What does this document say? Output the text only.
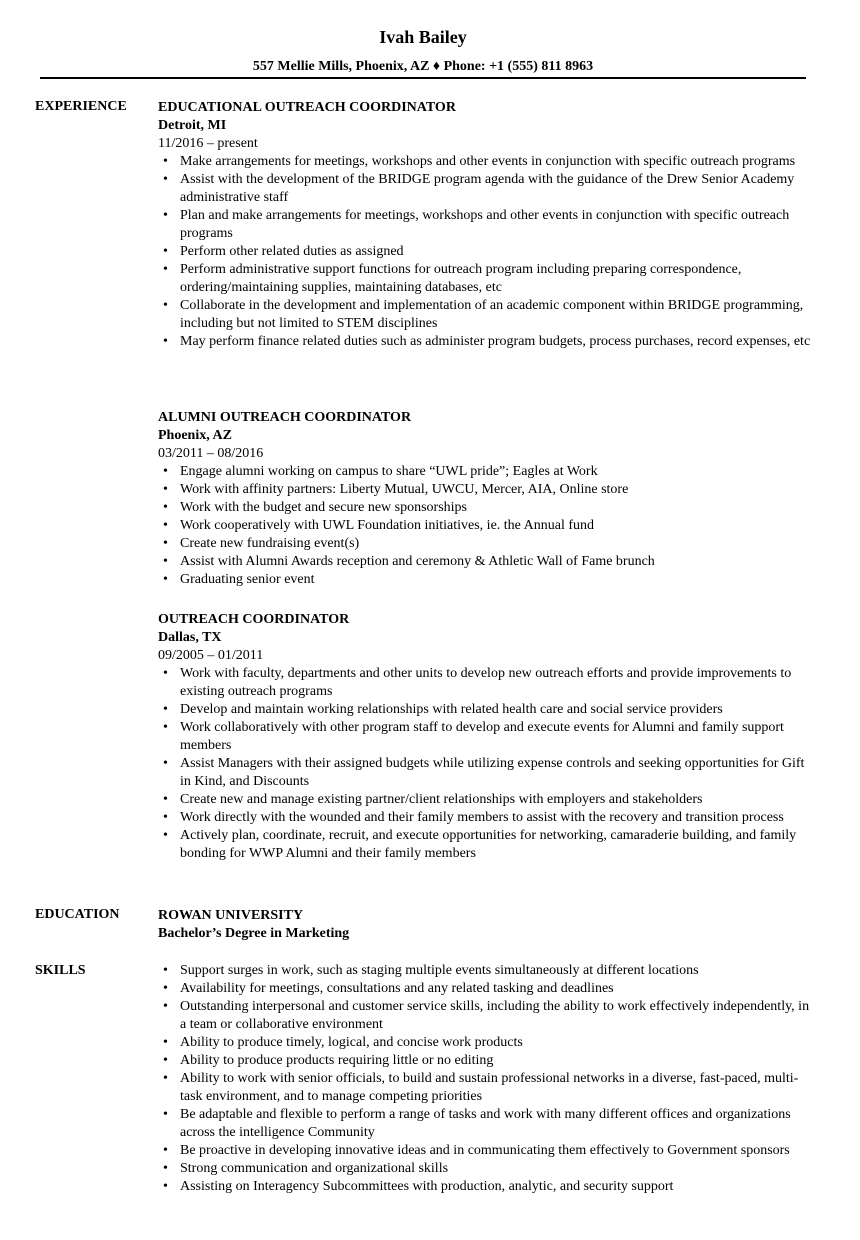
Ivah Bailey
557 Mellie Mills, Phoenix, AZ ♦ Phone: +1 (555) 811 8963
EXPERIENCE EDUCATIONAL OUTREACH COORDINATOR
Detroit, MI
11/2016 – present
• Make arrangements for meetings, workshops and other events in conjunction with specific outreach programs
• Assist with the development of the BRIDGE program agenda with the guidance of the Drew Senior Academy administrative staff
• Plan and make arrangements for meetings, workshops and other events in conjunction with specific outreach programs
• Perform other related duties as assigned
• Perform administrative support functions for outreach program including preparing correspondence, ordering/maintaining supplies, maintaining databases, etc
• Collaborate in the development and implementation of an academic component within BRIDGE programming, including but not limited to STEM disciplines
• May perform finance related duties such as administer program budgets, process purchases, record expenses, etc
ALUMNI OUTREACH COORDINATOR
Phoenix, AZ
03/2011 – 08/2016
• Engage alumni working on campus to share “UWL pride”; Eagles at Work
• Work with affinity partners: Liberty Mutual, UWCU, Mercer, AIA, Online store
• Work with the budget and secure new sponsorships
• Work cooperatively with UWL Foundation initiatives, ie. the Annual fund
• Create new fundraising event(s)
• Assist with Alumni Awards reception and ceremony & Athletic Wall of Fame brunch
• Graduating senior event
OUTREACH COORDINATOR
Dallas, TX
09/2005 – 01/2011
• Work with faculty, departments and other units to develop new outreach efforts and provide improvements to existing outreach programs
• Develop and maintain working relationships with related health care and social service providers
• Work collaboratively with other program staff to develop and execute events for Alumni and family support members
• Assist Managers with their assigned budgets while utilizing expense controls and seeking opportunities for Gift in Kind, and Discounts
• Create new and manage existing partner/client relationships with employers and stakeholders
• Work directly with the wounded and their family members to assist with the recovery and transition process
• Actively plan, coordinate, recruit, and execute opportunities for networking, camaraderie building, and family bonding for WWP Alumni and their family members
EDUCATION	ROWAN UNIVERSITY
Bachelor’s Degree in Marketing
SKILLS
•	Support surges in work, such as staging multiple events simultaneously at different locations
• Availability for meetings, consultations and any related tasking and deadlines
• Outstanding interpersonal and customer service skills, including the ability to work effectively independently, in a team or collaborative environment
• Ability to produce timely, logical, and concise work products
• Ability to produce products requiring little or no editing
• Ability to work with senior officials, to build and sustain professional networks in a diverse, fast-paced, multi-task environment, and to manage competing priorities
• Be adaptable and flexible to perform a range of tasks and work with many different offices and organizations across the intelligence Community
• Be proactive in developing innovative ideas and in communicating them effectively to Government sponsors
• Strong communication and organizational skills
• Assisting on Interagency Subcommittees with production, analytic, and security support
